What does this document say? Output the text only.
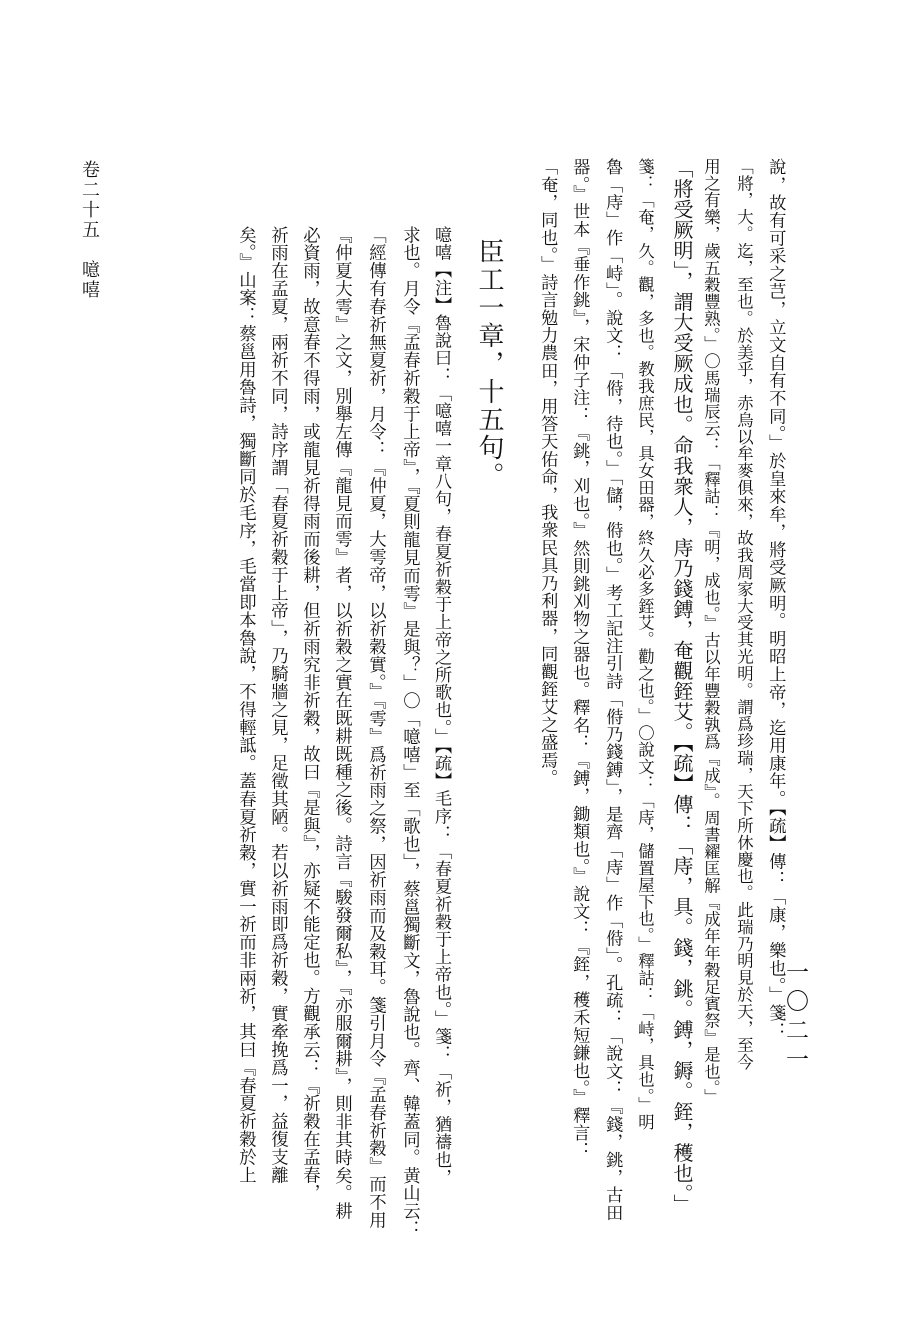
一〇二一
說，故有可采之芑，立文自有不同。」於皇來牟，將受厥明。明昭上帝，迄用康年。【疏】傳：「康，樂也。」箋：
「將，大。迄，至也。於美乎，赤烏以牟麥俱來，故我周家大受其光明。謂爲珍瑞，天下所休慶也。此瑞乃明見於天，至今
用之有樂，歲五穀豐熟。」〇馬瑞辰云：「釋詁：『明，成也。』古以年豐穀孰爲『成』。周書糴匡解『成年年穀足賓祭』是也。」
「將受厥明」，謂大受厥成也。命我衆人，庤乃錢鎛，奄觀銍艾。【疏】傳：「庤，具。錢，銚。鎛，鎒。銍，穫也。」
箋：「奄，久。觀，多也。教我庶民，具女田器，終久必多銍艾。勸之也。」〇說文：「庤，儲置屋下也。」釋詁：「峙，具也。」明
魯「庤」作「峙」。說文：「偫，待也。」「儲，偫也。」考工記注引詩「偫乃錢鎛」，是齊「庤」作「偫」。孔疏：「說文：『錢，銚，古田
器。』世本『垂作銚』，宋仲子注：『銚，刈也。』然則銚刈物之器也。釋名：『鎛，鋤類也。』說文：『銍，穫禾短鎌也。』釋言：
「奄，同也。」詩言勉力農田，用答天佑命，我衆民具乃利器，同觀銍艾之盛焉。
臣工一章，十五句。
噫嘻【注】魯說曰：「噫嘻一章八句，春夏祈穀于上帝之所歌也。」【疏】毛序：「春夏祈穀于上帝也。」箋：「祈，猶禱也，
求也。月令『孟春祈穀于上帝』，『夏則龍見而雩』是與？」〇「噫嘻」至「歌也」，蔡邕獨斷文，魯說也。齊、韓蓋同。黄山云：
「經傳有春祈無夏祈，月令：『仲夏，大雩帝，以祈穀實。』『雩』爲祈雨之祭，因祈雨而及穀耳。箋引月令『孟春祈穀』而不用
『仲夏大雩』之文，別舉左傳『龍見而雩』者，以祈穀之實在既耕既種之後。詩言『駿發爾私』，『亦服爾耕』，則非其時矣。耕
必資雨，故意春不得雨，或龍見祈得雨而後耕，但祈雨究非祈穀，故曰『是與』，亦疑不能定也。方觀承云：『祈穀在孟春，
祈雨在孟夏，兩祈不同，詩序謂「春夏祈穀于上帝」，乃騎牆之見，足徵其陋。若以祈雨即爲祈穀，實牽挽爲一，益復支離
矣。』山案：蔡邕用魯詩，獨斷同於毛序，毛當即本魯說，不得輕詆。蓋春夏祈穀，實一祈而非兩祈，其曰『春夏祈穀於上
卷二十五　噫嘻
